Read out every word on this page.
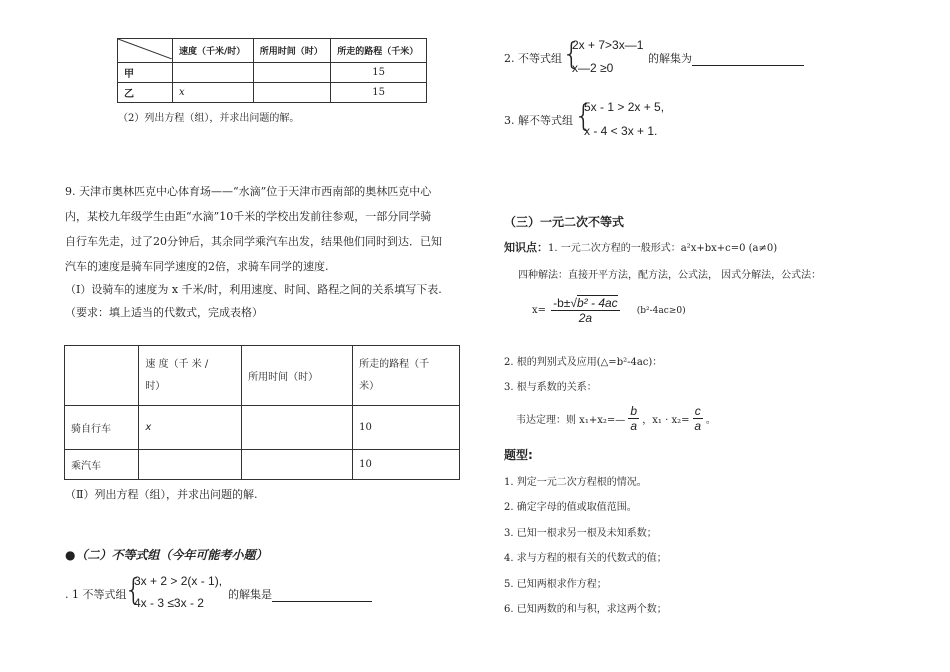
	速度（千米/时）	所用时间（时）	所走的路程（千米）
甲			15
乙	x		15
（2）列出方程（组），并求出问题的解。
9. 天津市奥林匹克中心体育场——“水滴”位于天津市西南部的奥林匹克中心
内，某校九年级学生由距“水滴”10千米的学校出发前往参观，一部分同学骑
自行车先走，过了20分钟后，其余同学乘汽车出发，结果他们同时到达．已知
汽车的速度是骑车同学速度的2倍，求骑车同学的速度.
（Ⅰ）设骑车的速度为 x 千米/时，利用速度、时间、路程之间的关系填写下表.
（要求：填上适当的代数式，完成表格）
	速 度（千 米 /
时）	所用时间（时）	所走的路程（千
米）
骑自行车	x		10
乘汽车			10
（Ⅱ）列出方程（组），并求出问题的解.
●（二）不等式组（今年可能考小题）
. 1 不等式组
{
3x + 2 > 2(x - 1),
4x - 3 ≤3x - 2
的解集是
2. 不等式组 {
2x + 7>3x—1
x—2 ≥0
的解集为
3. 解不等式组 {
5x - 1 > 2x + 5,
x - 4 < 3x + 1.
（三）一元二次不等式
知识点：1. 一元二次方程的一般形式：a²x+bx+c=0 (a≠0)
四种解法：直接开平方法，配方法，公式法， 因式分解法，公式法：
$x= \frac{\text{-b±√b² - 4ac}}{2a} (b^2-4ac\ge 0)$
2. 根的判别式及应用(△=b²-4ac)：
3. 根与系数的关系：
韦达定理：则 x₁+x₂=— $\frac{b}{a}$ ，$x_1 \cdot x_2= \frac{c}{a}$ 。
题型:
1. 判定一元二次方程根的情况。
2. 确定字母的值或取值范围。
3. 已知一根求另一根及未知系数；
4. 求与方程的根有关的代数式的值；
5. 已知两根求作方程；
6. 已知两数的和与积，求这两个数；
